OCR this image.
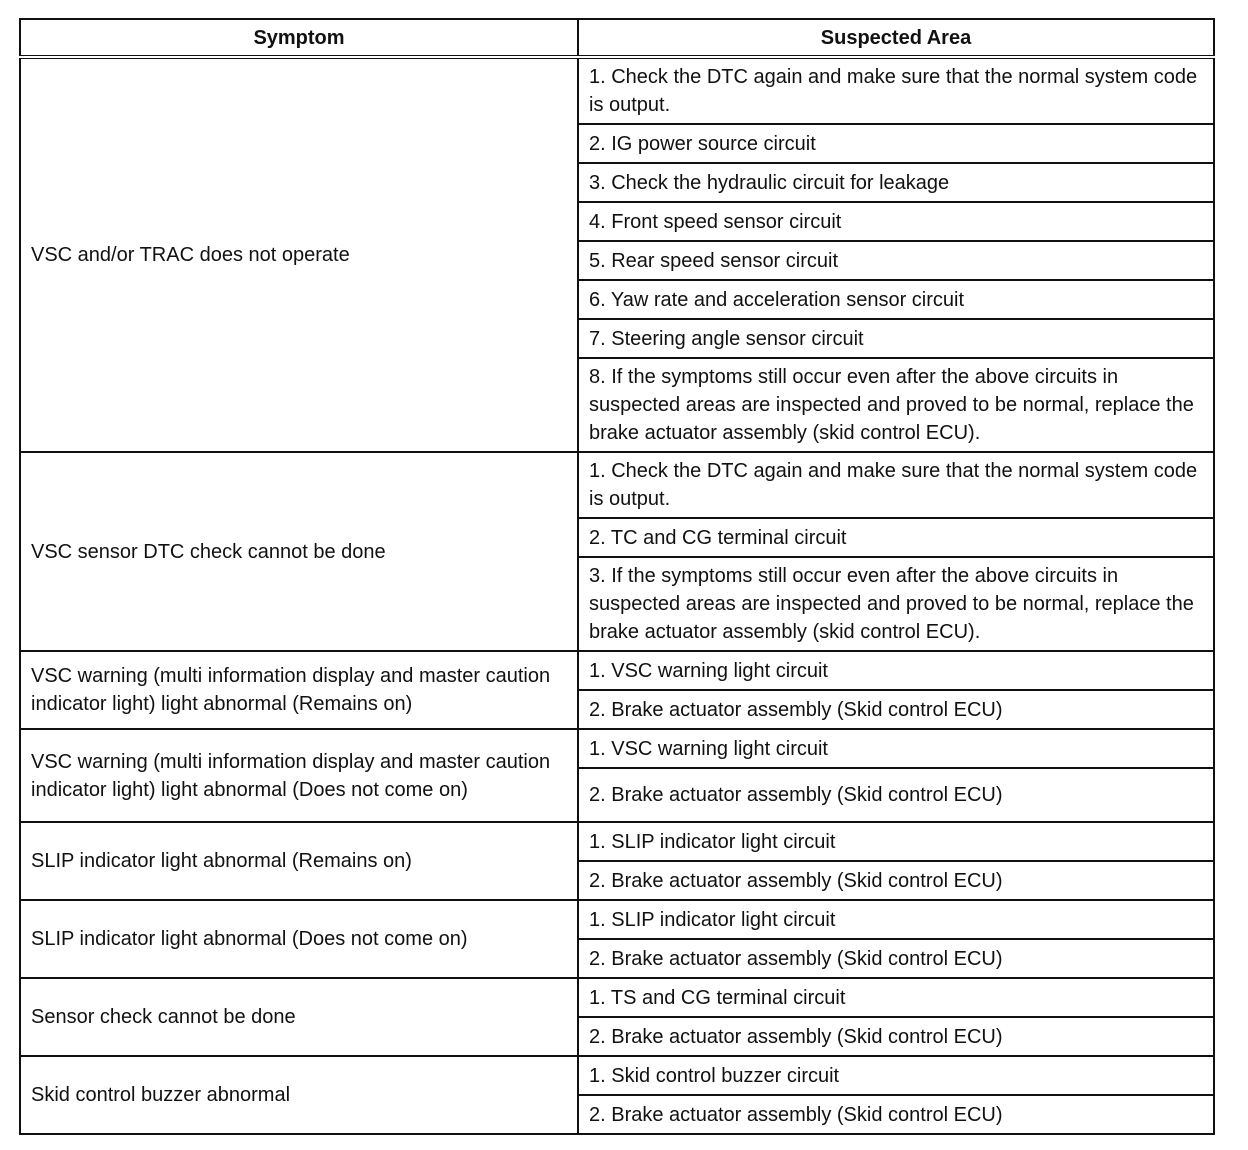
Symptom	Suspected Area
VSC and/or TRAC does not operate	1. Check the DTC again and make sure that the normal system code is output.
	2. IG power source circuit
	3. Check the hydraulic circuit for leakage
	4. Front speed sensor circuit
	5. Rear speed sensor circuit
	6. Yaw rate and acceleration sensor circuit
	7. Steering angle sensor circuit
	8. If the symptoms still occur even after the above circuits in suspected areas are inspected and proved to be normal, replace the brake actuator assembly (skid control ECU).
VSC sensor DTC check cannot be done	1. Check the DTC again and make sure that the normal system code is output.
	2. TC and CG terminal circuit
	3. If the symptoms still occur even after the above circuits in suspected areas are inspected and proved to be normal, replace the brake actuator assembly (skid control ECU).
VSC warning (multi information display and master caution indicator light) light abnormal (Remains on)	1. VSC warning light circuit
	2. Brake actuator assembly (Skid control ECU)
VSC warning (multi information display and master caution indicator light) light abnormal (Does not come on)	1. VSC warning light circuit
	2. Brake actuator assembly (Skid control ECU)
SLIP indicator light abnormal (Remains on)	1. SLIP indicator light circuit
	2. Brake actuator assembly (Skid control ECU)
SLIP indicator light abnormal (Does not come on)	1. SLIP indicator light circuit
	2. Brake actuator assembly (Skid control ECU)
Sensor check cannot be done	1. TS and CG terminal circuit
	2. Brake actuator assembly (Skid control ECU)
Skid control buzzer abnormal	1. Skid control buzzer circuit
	2. Brake actuator assembly (Skid control ECU)
